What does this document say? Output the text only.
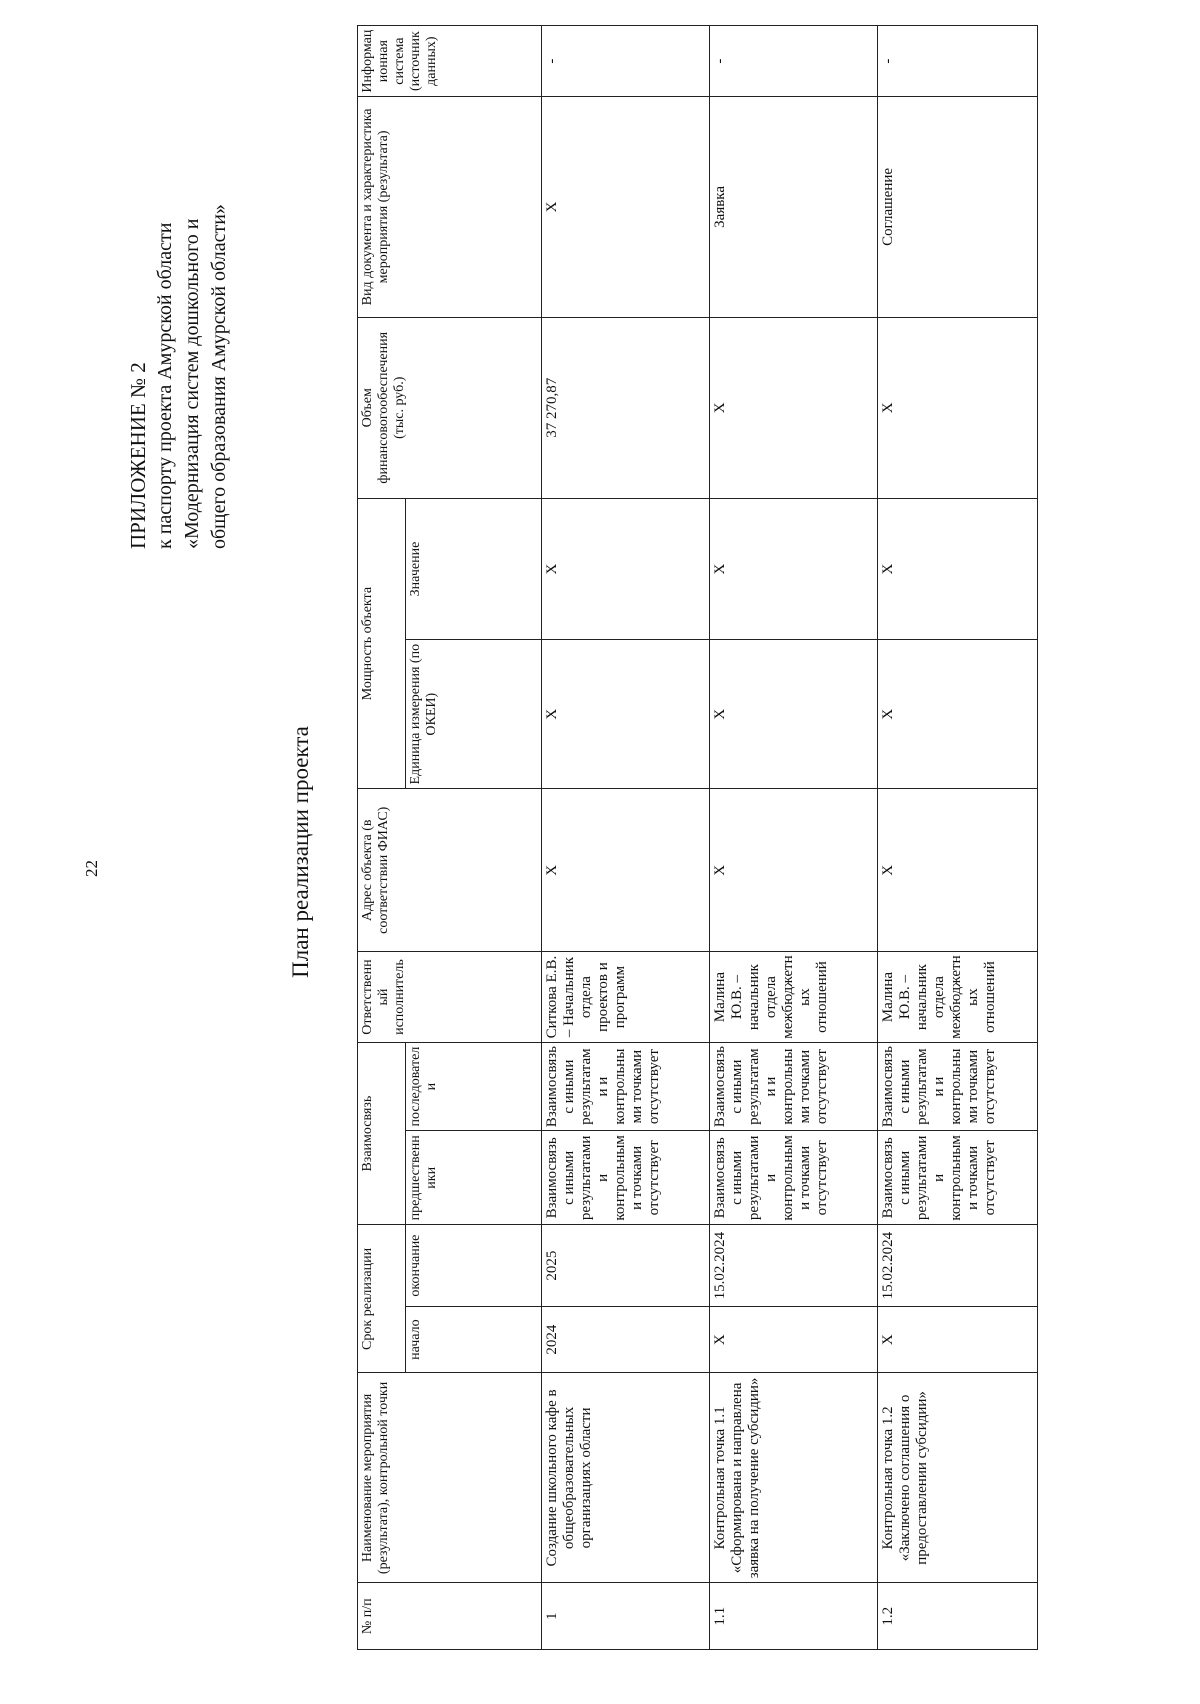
22
ПРИЛОЖЕНИЕ № 2 к паспорту проекта Амурской области «Модернизация систем дошкольного и общего образования Амурской области»
План реализации проекта
№ п/п	Наименование мероприятия (результата), контрольной точки	Срок реализации		Взаимосвязь		Ответственный исполнитель	Адрес объекта (в соответствии ФИАС)	Мощность объекта		Объем финансовогообеспечения (тыс. руб.)	Вид документа и характеристика мероприятия (результата)	Информационная система (источник данных)
		начало	окончание	предшественники	последователи			Единица измерения (по ОКЕИ)	Значение			
1	Создание школьного кафе в общеобразовательных организациях области	2024	2025	Взаимосвязь с иными результатами и контрольными точками отсутствует	Взаимосвязь с иными результатами и контрольными точками отсутствует	Ситкова Е.В. – Начальник отдела проектов и программ	Х	Х	Х	37 270,87	Х	-
1.1	Контрольная точка 1.1 «Сформирована и направлена заявка на получение субсидии»	Х	15.02.2024	Взаимосвязь с иными результатами и контрольными точками отсутствует	Взаимосвязь с иными результатами и контрольными точками отсутствует	Малина Ю.В. – начальник отдела межбюджетных отношений	Х	Х	Х	Х	Заявка	-
1.2	Контрольная точка 1.2 «Заключено соглашения о предоставлении субсидии»	Х	15.02.2024	Взаимосвязь с иными результатами и контрольными точками отсутствует	Взаимосвязь с иными результатами и контрольными точками отсутствует	Малина Ю.В. – начальник отдела межбюджетных отношений	Х	Х	Х	Х	Соглашение	-
